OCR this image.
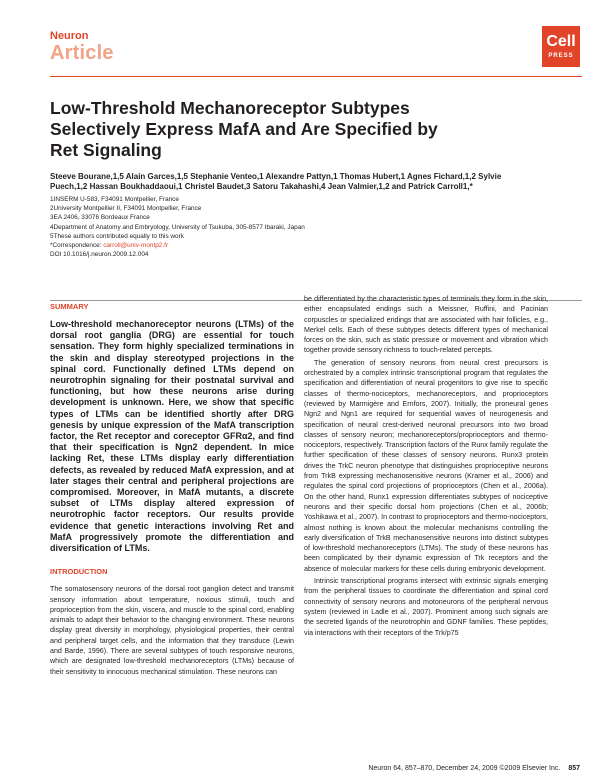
Neuron
Article
Cell
PRESS
Low-Threshold Mechanoreceptor Subtypes Selectively Express MafA and Are Specified by Ret Signaling
Steeve Bourane,1,5 Alain Garces,1,5 Stephanie Venteo,1 Alexandre Pattyn,1 Thomas Hubert,1 Agnes Fichard,1,2 Sylvie Puech,1,2 Hassan Boukhaddaoui,1 Christel Baudet,3 Satoru Takahashi,4 Jean Valmier,1,2 and Patrick Carroll1,*
1INSERM U-583, F34091 Montpellier, France
2University Montpellier II, F34091 Montpellier, France
3EA 2406, 33076 Bordeaux France
4Department of Anatomy and Embryology, University of Tsukuba, 305-8577 Ibaraki, Japan
5These authors contributed equally to this work
*Correspondence: carroll@univ-montp2.fr
DOI 10.1016/j.neuron.2009.12.004
SUMMARY

Low-threshold mechanoreceptor neurons (LTMs) of the dorsal root ganglia (DRG) are essential for touch sensation. They form highly specialized terminations in the skin and display stereotyped projections in the spinal cord. Functionally defined LTMs depend on neurotrophin signaling for their postnatal survival and functioning, but how these neurons arise during development is unknown. Here, we show that specific types of LTMs can be identified shortly after DRG genesis by unique expression of the MafA transcription factor, the Ret receptor and coreceptor GFRα2, and find that their specification is Ngn2 dependent. In mice lacking Ret, these LTMs display early differentiation defects, as revealed by reduced MafA expression, and at later stages their central and peripheral projections are compromised. Moreover, in MafA mutants, a discrete subset of LTMs display altered expression of neurotrophic factor receptors. Our results provide evidence that genetic interactions involving Ret and MafA progressively promote the differentiation and diversification of LTMs.

INTRODUCTION

The somatosensory neurons of the dorsal root ganglion detect and transmit sensory information about temperature, noxious stimuli, touch and proprioception from the skin, viscera, and muscle to the spinal cord, enabling animals to adapt their behavior to the changing environment. These neurons display great diversity in morphology, physiological properties, their central and peripheral target cells, and the information that they transduce (Lewin and Barde, 1996). There are several subtypes of touch responsive neurons, which are designated low-threshold mechanoreceptors (LTMs) because of their sensitivity to innocuous mechanical stimulation. These neurons can

be differentiated by the characteristic types of terminals they form in the skin, either encapsulated endings such a Meissner, Ruffini, and Pacinian corpuscles or specialized endings that are associated with hair follicles, e.g., Merkel cells. Each of these subtypes detects different types of mechanical forces on the skin, such as static pressure or movement and vibration which together provide sensory richness to touch-related percepts.

The generation of sensory neurons from neural crest precursors is orchestrated by a complex intrinsic transcriptional program that regulates the specification and differentiation of neural progenitors to give rise to specific classes of thermo-nociceptors, mechanoreceptors, and proprioceptors (reviewed by Marmigère and Ernfors, 2007). Initially, the proneural genes Ngn2 and Ngn1 are required for sequential waves of neurogenesis and specification of neural crest-derived neuronal precursors into two broad classes of sensory neuron; mechanoreceptors/proprioceptors and thermo-nociceptors, respectively. Transcription factors of the Runx family regulate the further specification of these classes of sensory neurons. Runx3 protein drives the TrkC neuron phenotype that distinguishes proprioceptive neurons from TrkB expressing mechanosensitive neurons (Kramer et al., 2006) and regulates the spinal cord projections of proprioceptors (Chen et al., 2006a). On the other hand, Runx1 expression differentiates subtypes of nociceptive neurons and their specific dorsal horn projections (Chen et al., 2006b; Yoshikawa et al., 2007). In contrast to proprioceptors and thermo-nociceptors, almost nothing is known about the molecular mechanisms controlling the early diversification of TrkB mechanosensitive neurons into distinct subtypes of low-threshold mechanoreceptors (LTMs). The study of these neurons has been complicated by their dynamic expression of Trk receptors and the absence of molecular markers for these cells during embryonic development.

Intrinsic transcriptional programs intersect with extrinsic signals emerging from the peripheral tissues to coordinate the differentiation and spinal cord connectivity of sensory neurons and motoneurons of the peripheral nervous system (reviewed in Ladle et al., 2007). Prominent among such signals are the secreted ligands of the neurotrophin and GDNF families. These peptides, via interactions with their receptors of the Trk/p75

Neuron 64, 857–870, December 24, 2009 ©2009 Elsevier Inc. 857
